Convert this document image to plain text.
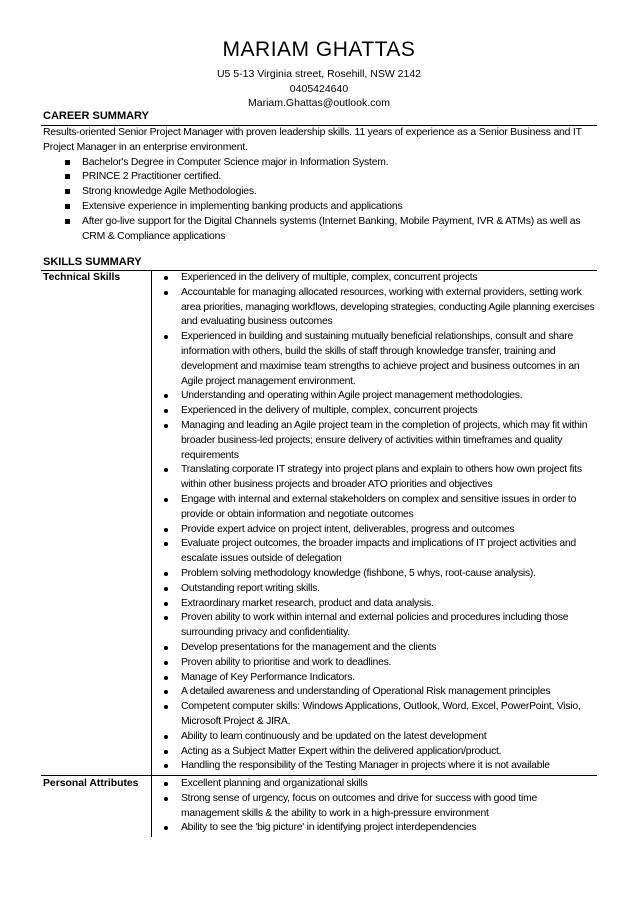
MARIAM GHATTAS
U5 5-13 Virginia street, Rosehill, NSW 2142
0405424640
Mariam.Ghattas@outlook.com
CAREER SUMMARY

Results-oriented Senior Project Manager with proven leadership skills. 11 years of experience as a Senior Business and IT Project Manager in an enterprise environment.

Bachelor's Degree in Computer Science major in Information System.
PRINCE 2 Practitioner certified.
Strong knowledge Agile Methodologies.
Extensive experience in implementing banking products and applications
After go-live support for the Digital Channels systems (Internet Banking, Mobile Payment, IVR & ATMs) as well as CRM & Compliance applications
SKILLS SUMMARY
Technical Skills	Experienced in the delivery of multiple, complex, concurrent projects
Accountable for managing allocated resources, working with external providers, setting work area priorities, managing workflows, developing strategies, conducting Agile planning exercises and evaluating business outcomes
Experienced in building and sustaining mutually beneficial relationships, consult and share information with others, build the skills of staff through knowledge transfer, training and development and maximise team strengths to achieve project and business outcomes in an Agile project management environment.
Understanding and operating within Agile project management methodologies.
Experienced in the delivery of multiple, complex, concurrent projects
Managing and leading an Agile project team in the completion of projects, which may fit within broader business-led projects; ensure delivery of activities within timeframes and quality requirements
Translating corporate IT strategy into project plans and explain to others how own project fits within other business projects and broader ATO priorities and objectives
Engage with internal and external stakeholders on complex and sensitive issues in order to provide or obtain information and negotiate outcomes
Provide expert advice on project intent, deliverables, progress and outcomes
Evaluate project outcomes, the broader impacts and implications of IT project activities and escalate issues outside of delegation
Problem solving methodology knowledge (fishbone, 5 whys, root-cause analysis).
Outstanding report writing skills.
Extraordinary market research, product and data analysis.
Proven ability to work within internal and external policies and procedures including those surrounding privacy and confidentiality.
Develop presentations for the management and the clients
Proven ability to prioritise and work to deadlines.
Manage of Key Performance Indicators.
A detailed awareness and understanding of Operational Risk management principles
Competent computer skills: Windows Applications, Outlook, Word, Excel, PowerPoint, Visio, Microsoft Project & JIRA.
Ability to learn continuously and be updated on the latest development
Acting as a Subject Matter Expert within the delivered application/product.
Handling the responsibility of the Testing Manager in projects where it is not available
Personal Attributes	Excellent planning and organizational skills
Strong sense of urgency, focus on outcomes and drive for success with good time management skills & the ability to work in a high-pressure environment
Ability to see the 'big picture' in identifying project interdependencies
